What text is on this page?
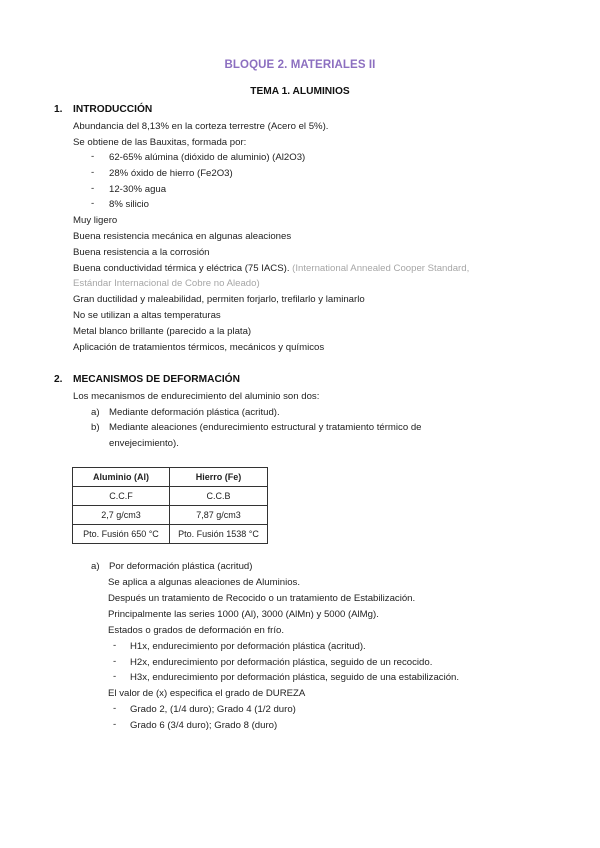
BLOQUE 2. MATERIALES II
TEMA 1. ALUMINIOS
1. INTRODUCCIÓN
Abundancia del 8,13% en la corteza terrestre (Acero el 5%).
Se obtiene de las Bauxitas, formada por:
- 62-65% alúmina (dióxido de aluminio) (Al2O3)
- 28% óxido de hierro (Fe2O3)
- 12-30% agua
- 8% silicio
Muy ligero
Buena resistencia mecánica en algunas aleaciones
Buena resistencia a la corrosión
Buena conductividad térmica y eléctrica (75 IACS). (International Annealed Cooper Standard,
Estándar Internacional de Cobre no Aleado)
Gran ductilidad y maleabilidad, permiten forjarlo, trefilarlo y laminarlo
No se utilizan a altas temperaturas
Metal blanco brillante (parecido a la plata)
Aplicación de tratamientos térmicos, mecánicos y químicos
2. MECANISMOS DE DEFORMACIÓN
Los mecanismos de endurecimiento del aluminio son dos:
a) Mediante deformación plástica (acritud).
b) Mediante aleaciones (endurecimiento estructural y tratamiento térmico de
envejecimiento).
Aluminio (Al)	Hierro (Fe)
C.C.F	C.C.B
2,7 g/cm3	7,87 g/cm3
Pto. Fusión 650 °C	Pto. Fusión 1538 °C
a) Por deformación plástica (acritud)
Se aplica a algunas aleaciones de Aluminios.
Después un tratamiento de Recocido o un tratamiento de Estabilización.
Principalmente las series 1000 (Al), 3000 (AlMn) y 5000 (AlMg).
Estados o grados de deformación en frío.
- H1x, endurecimiento por deformación plástica (acritud).
- H2x, endurecimiento por deformación plástica, seguido de un recocido.
- H3x, endurecimiento por deformación plástica, seguido de una estabilización.
El valor de (x) especifica el grado de DUREZA
- Grado 2, (1/4 duro); Grado 4 (1/2 duro)
- Grado 6 (3/4 duro); Grado 8 (duro)
